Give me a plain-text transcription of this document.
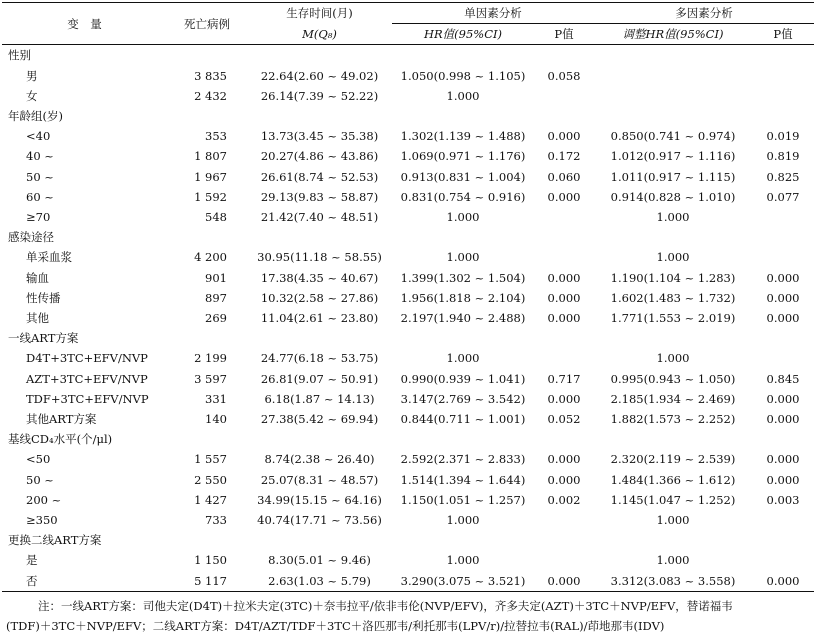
变　量	死亡病例	生存时间(月)	单因素分析		多因素分析	
		M(Q₈)	HR值(95%CI)	P值	调整HR值(95%CI)	P值
性别						
男	3 835	22.64(2.60 ~ 49.02)	1.050(0.998 ~ 1.105)	0.058		
女	2 432	26.14(7.39 ~ 52.22)	1.000			
年龄组(岁)						
<40	353	13.73(3.45 ~ 35.38)	1.302(1.139 ~ 1.488)	0.000	0.850(0.741 ~ 0.974)	0.019
40 ~	1 807	20.27(4.86 ~ 43.86)	1.069(0.971 ~ 1.176)	0.172	1.012(0.917 ~ 1.116)	0.819
50 ~	1 967	26.61(8.74 ~ 52.53)	0.913(0.831 ~ 1.004)	0.060	1.011(0.917 ~ 1.115)	0.825
60 ~	1 592	29.13(9.83 ~ 58.87)	0.831(0.754 ~ 0.916)	0.000	0.914(0.828 ~ 1.010)	0.077
≥70	548	21.42(7.40 ~ 48.51)	1.000		1.000	
感染途径						
单采血浆	4 200	30.95(11.18 ~ 58.55)	1.000		1.000	
输血	901	17.38(4.35 ~ 40.67)	1.399(1.302 ~ 1.504)	0.000	1.190(1.104 ~ 1.283)	0.000
性传播	897	10.32(2.58 ~ 27.86)	1.956(1.818 ~ 2.104)	0.000	1.602(1.483 ~ 1.732)	0.000
其他	269	11.04(2.61 ~ 23.80)	2.197(1.940 ~ 2.488)	0.000	1.771(1.553 ~ 2.019)	0.000
一线ART方案						
D4T+3TC+EFV/NVP	2 199	24.77(6.18 ~ 53.75)	1.000		1.000	
AZT+3TC+EFV/NVP	3 597	26.81(9.07 ~ 50.91)	0.990(0.939 ~ 1.041)	0.717	0.995(0.943 ~ 1.050)	0.845
TDF+3TC+EFV/NVP	331	6.18(1.87 ~ 14.13)	3.147(2.769 ~ 3.542)	0.000	2.185(1.934 ~ 2.469)	0.000
其他ART方案	140	27.38(5.42 ~ 69.94)	0.844(0.711 ~ 1.001)	0.052	1.882(1.573 ~ 2.252)	0.000
基线CD₄水平(个/μl)						
<50	1 557	8.74(2.38 ~ 26.40)	2.592(2.371 ~ 2.833)	0.000	2.320(2.119 ~ 2.539)	0.000
50 ~	2 550	25.07(8.31 ~ 48.57)	1.514(1.394 ~ 1.644)	0.000	1.484(1.366 ~ 1.612)	0.000
200 ~	1 427	34.99(15.15 ~ 64.16)	1.150(1.051 ~ 1.257)	0.002	1.145(1.047 ~ 1.252)	0.003
≥350	733	40.74(17.71 ~ 73.56)	1.000		1.000	
更换二线ART方案						
是	1 150	8.30(5.01 ~ 9.46)	1.000		1.000	
否	5 117	2.63(1.03 ~ 5.79)	3.290(3.075 ~ 3.521)	0.000	3.312(3.083 ~ 3.558)	0.000
注：一线ART方案：司他夫定(D4T)＋拉米夫定(3TC)＋奈韦拉平/依非韦伦(NVP/EFV)，齐多夫定(AZT)＋3TC＋NVP/EFV，替诺福韦
(TDF)＋3TC＋NVP/EFV；二线ART方案：D4T/AZT/TDF＋3TC＋洛匹那韦/利托那韦(LPV/r)/拉替拉韦(RAL)/茚地那韦(IDV)
